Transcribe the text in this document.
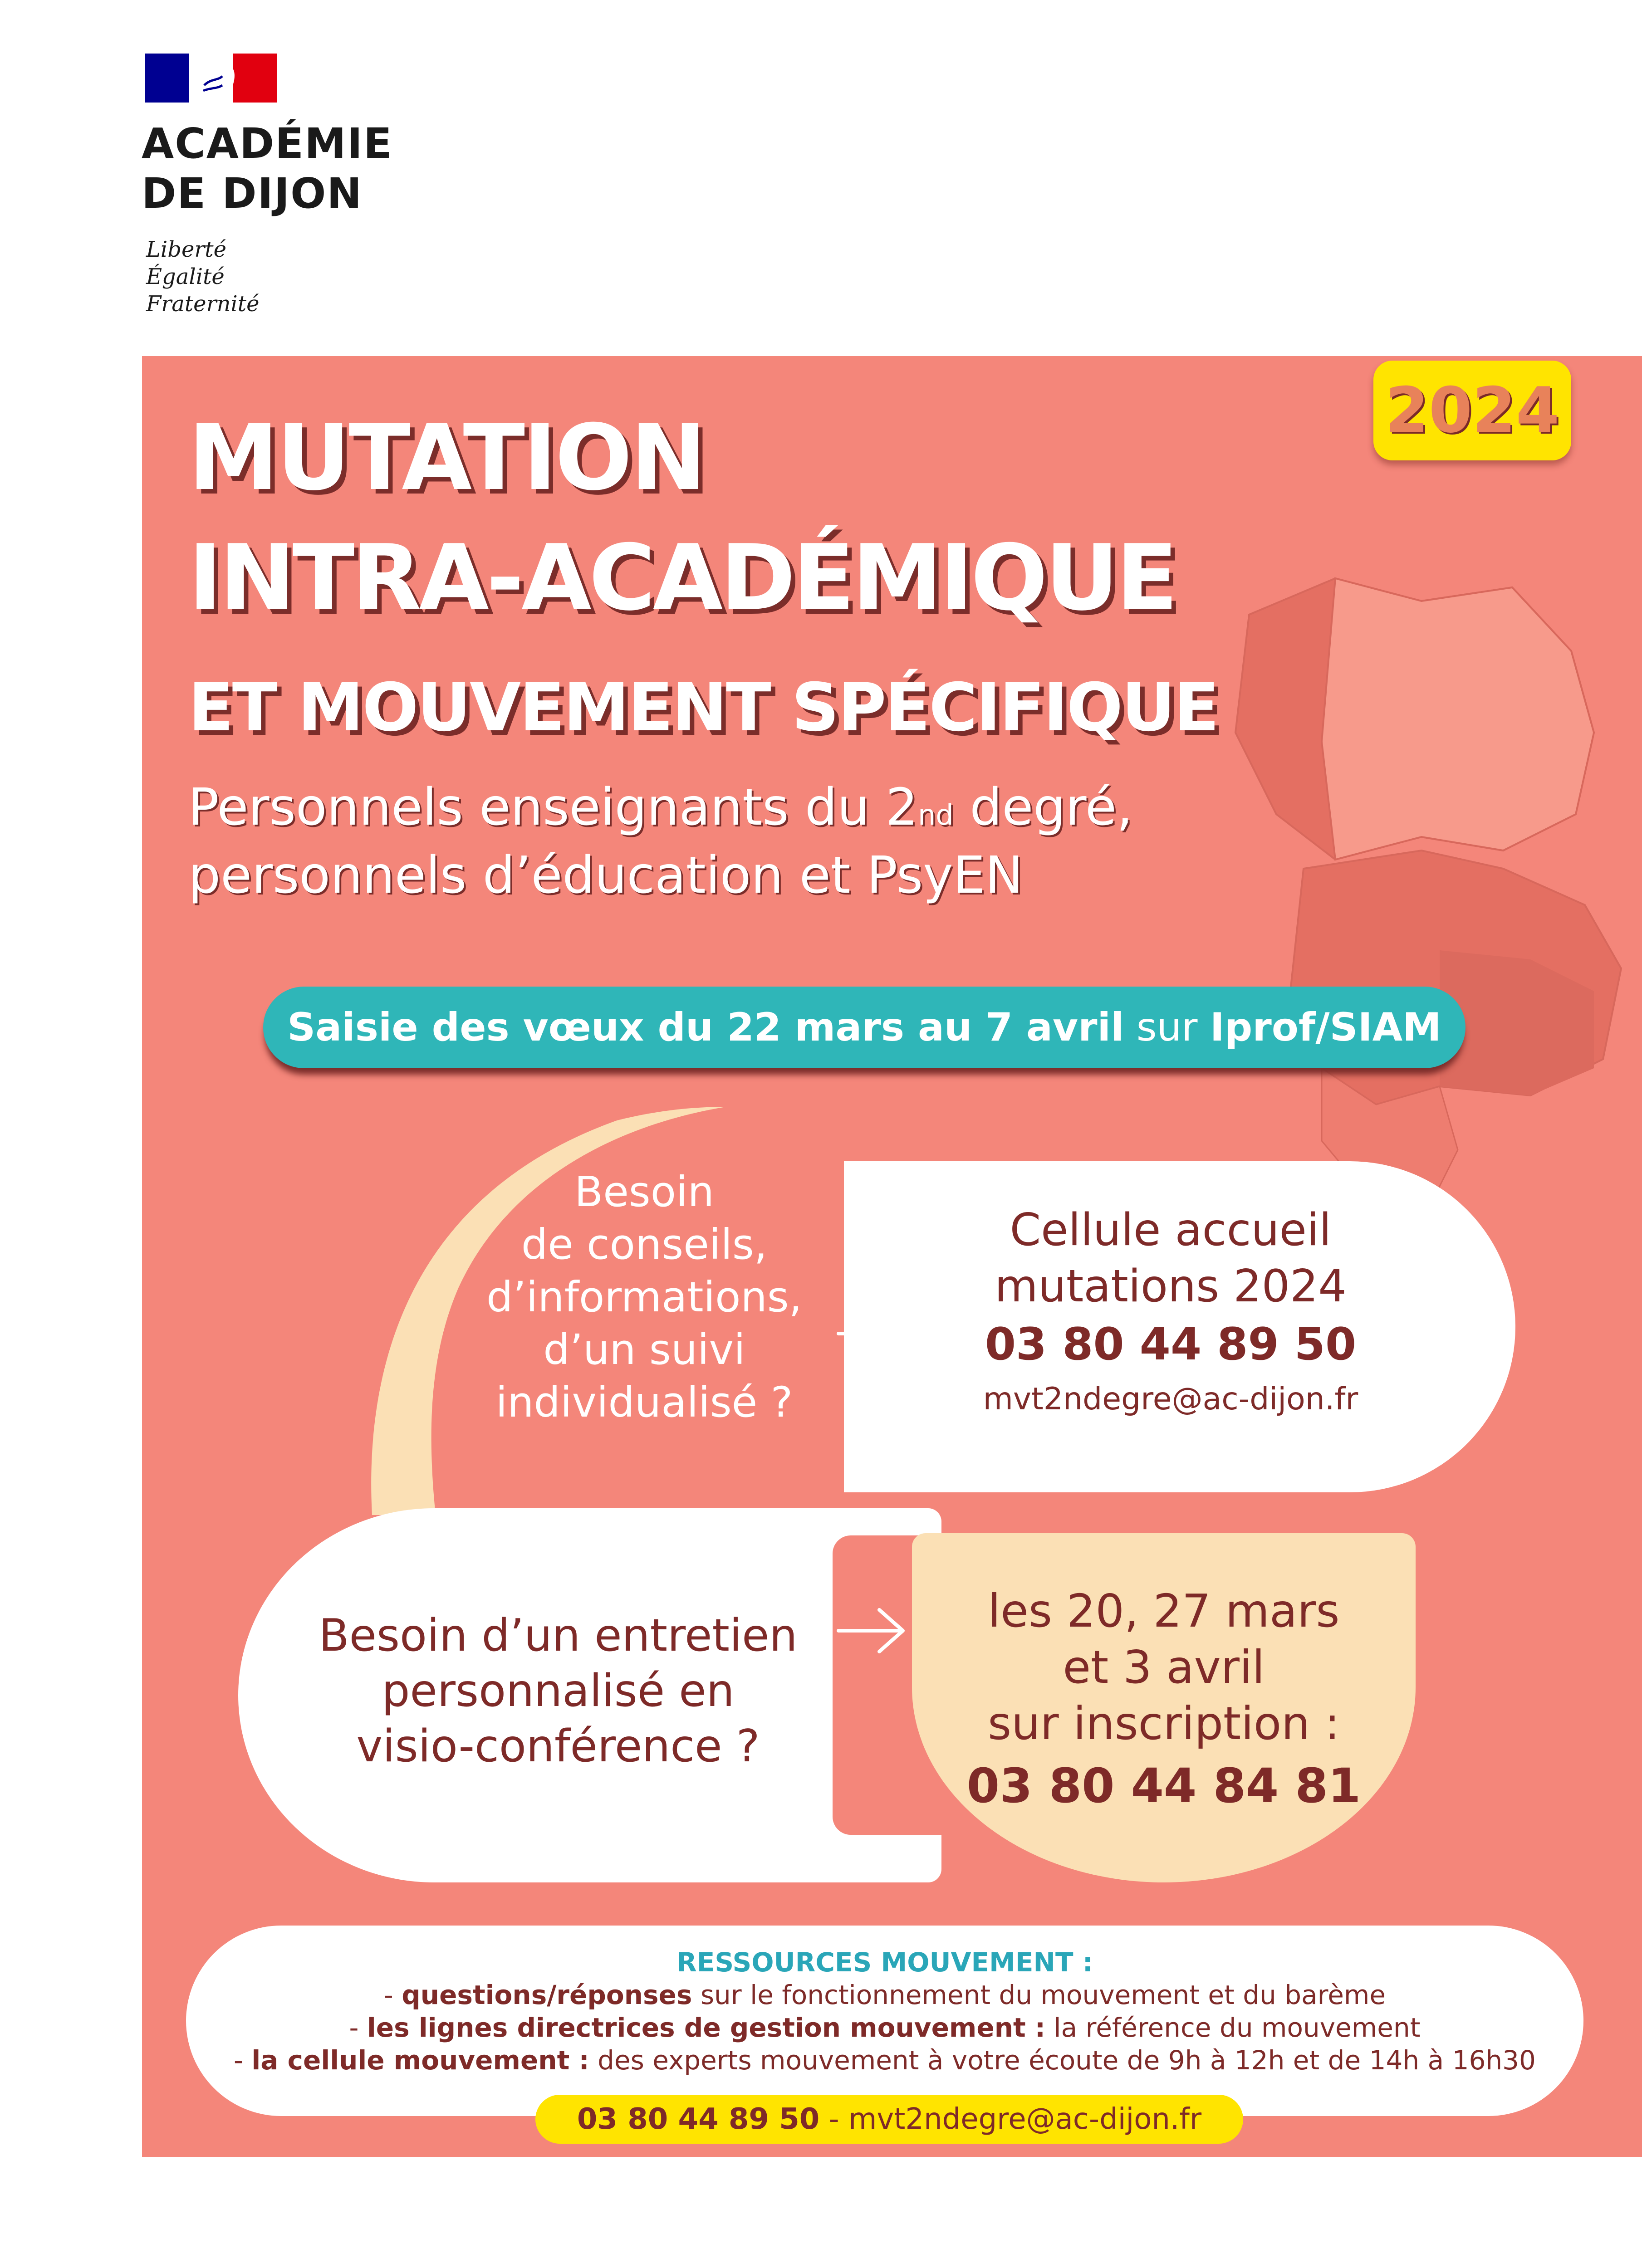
ACADÉMIE
DE DIJON
Liberté
Égalité
Fraternité
2024
MUTATION
INTRA-ACADÉMIQUE
ET MOUVEMENT SPÉCIFIQUE
Personnels enseignants du 2nd degré,
personnels d’éducation et PsyEN
Saisie des vœux du 22 mars au 7 avril sur Iprof/SIAM
Besoin
de conseils,
d’informations,
d’un suivi
individualisé ?
Cellule accueil
mutations 2024
03 80 44 89 50
mvt2ndegre@ac-dijon.fr
Besoin d’un entretien
personnalisé en
visio-conférence ?
les 20, 27 mars
et 3 avril
sur inscription :
03 80 44 84 81
RESSOURCES MOUVEMENT :
- questions/réponses sur le fonctionnement du mouvement et du barème
- les lignes directrices de gestion mouvement : la référence du mouvement
- la cellule mouvement : des experts mouvement à votre écoute de 9h à 12h et de 14h à 16h30
03 80 44 89 50 - mvt2ndegre@ac-dijon.fr
